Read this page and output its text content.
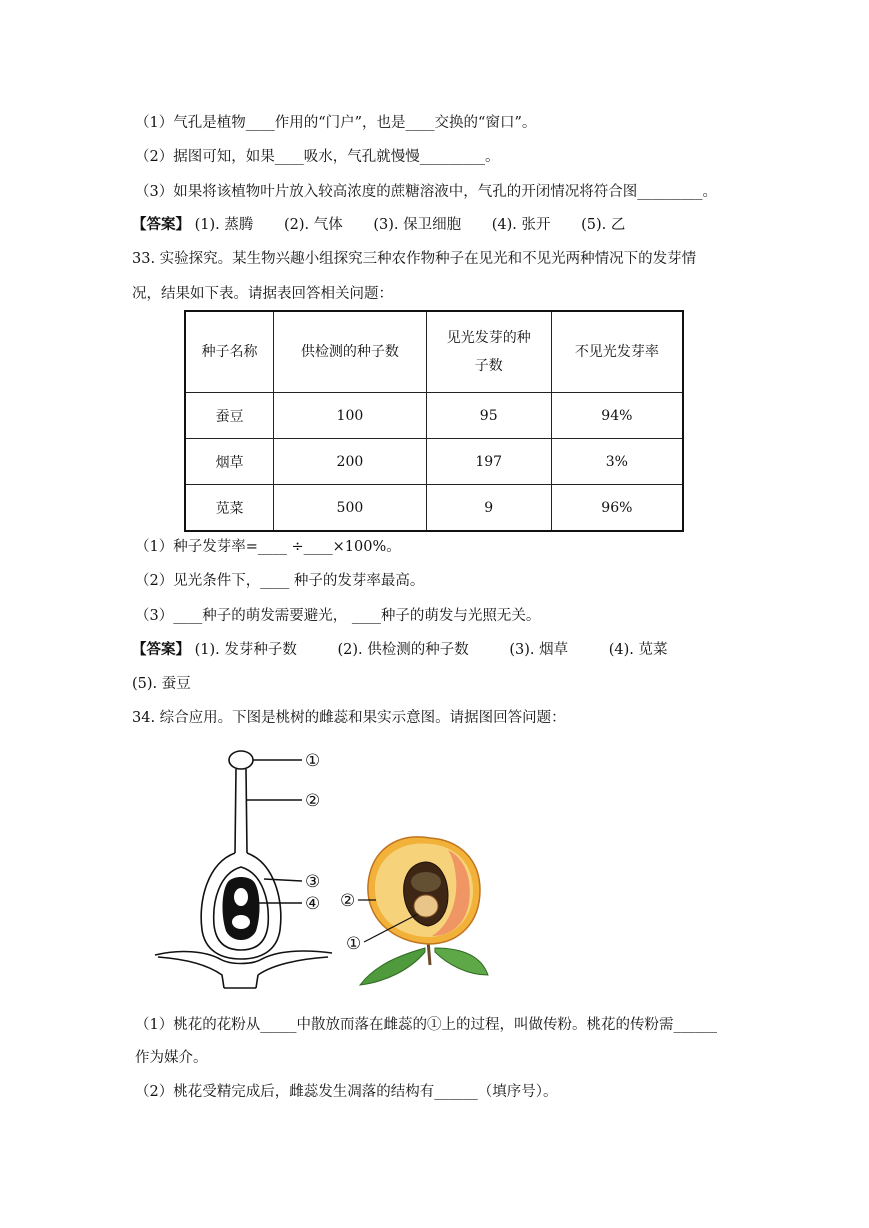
（1）气孔是植物____作用的“门户”，也是____交换的“窗口”。
（2）据图可知，如果____吸水，气孔就慢慢_________。
（3）如果将该植物叶片放入较高浓度的蔗糖溶液中，气孔的开闭情况将符合图_________。
【答案】 (1). 蒸腾 (2). 气体 (3). 保卫细胞 (4). 张开 (5). 乙
33. 实验探究。某生物兴趣小组探究三种农作物种子在见光和不见光两种情况下的发芽情
况，结果如下表。请据表回答相关问题：
种子名称	供检测的种子数	见光发芽的种子数	不见光发芽率
蚕豆	100	95	94%
烟草	200	197	3%
苋菜	500	9	96%
（1）种子发芽率=____ ÷____×100%。
（2）见光条件下，____ 种子的发芽率最高。
（3）____种子的萌发需要避光， ____种子的萌发与光照无关。
【答案】 (1). 发芽种子数	(2). 供检测的种子数	(3). 烟草	(4). 苋菜
(5). 蚕豆
34. 综合应用。下图是桃树的雌蕊和果实示意图。请据图回答问题：
①
②
③
④ ②
①
（1）桃花的花粉从_____中散放而落在雌蕊的①上的过程，叫做传粉。桃花的传粉需______
作为媒介。
（2）桃花受精完成后，雌蕊发生凋落的结构有______（填序号）。
